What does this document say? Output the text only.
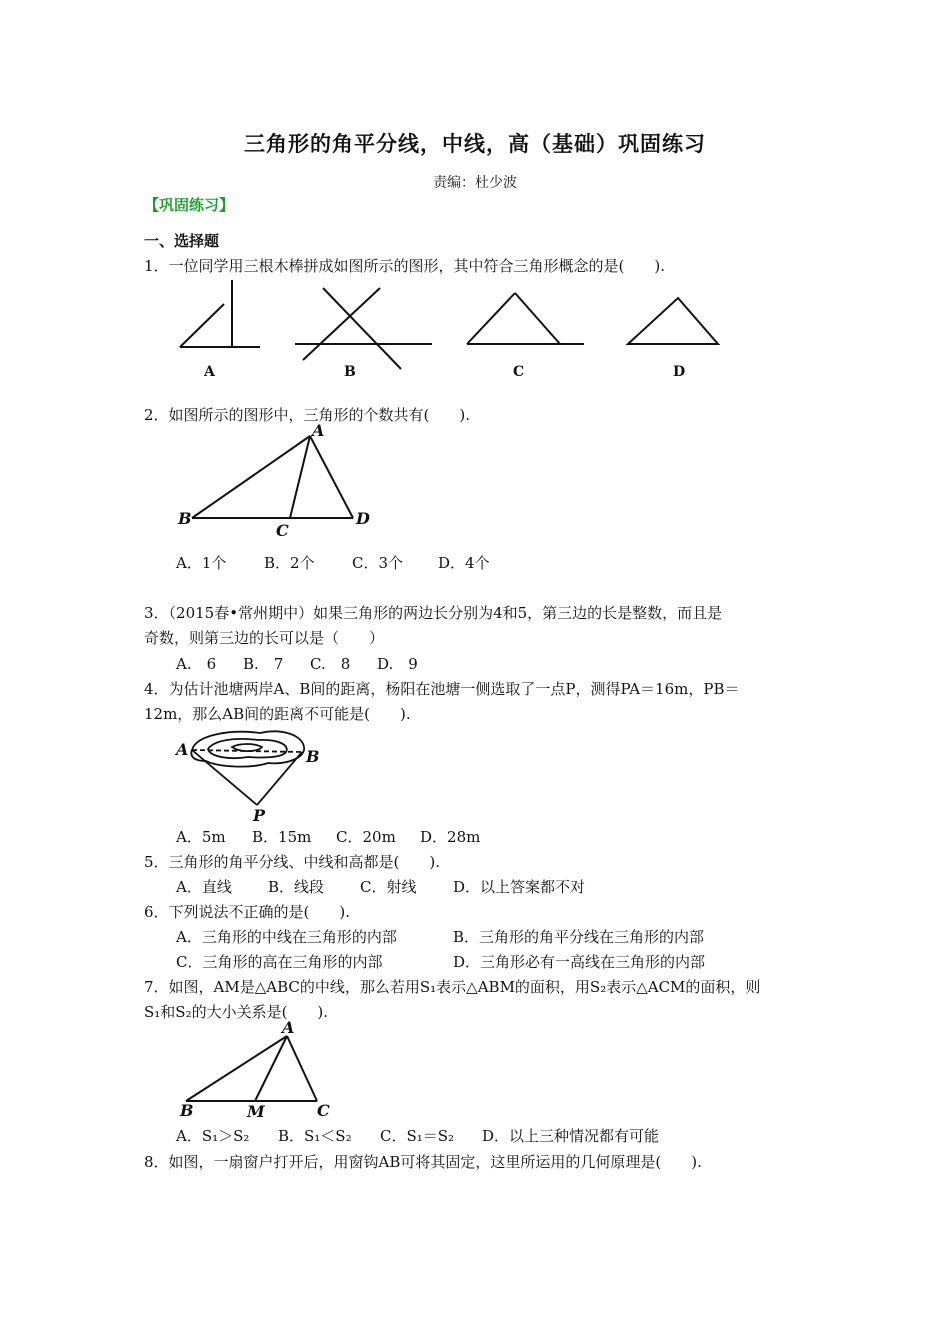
三角形的角平分线，中线，高（基础）巩固练习
责编：杜少波
【巩固练习】
一、选择题
1．一位同学用三根木棒拼成如图所示的图形，其中符合三角形概念的是(　　).
A	B	C	D
2．如图所示的图形中，三角形的个数共有(　　).
A
B
C
D
A．1个	B．2个 C．3个 D．4个
3．（2015春•常州期中）如果三角形的两边长分别为4和5，第三边的长是整数，而且是
奇数，则第三边的长可以是（　　）
A.　6 B.　7 C.　8 D.　9
4．为估计池塘两岸A、B间的距离，杨阳在池塘一侧选取了一点P，测得PA＝16m，PB＝
12m，那么AB间的距离不可能是(　　).
A	B
P
A．5m B．15m C．20m D．28m
5．三角形的角平分线、中线和高都是(　　).
A．直线 B．线段 C．射线 D．以上答案都不对
6．下列说法不正确的是(　　).
A．三角形的中线在三角形的内部	B．三角形的角平分线在三角形的内部
C．三角形的高在三角形的内部	D．三角形必有一高线在三角形的内部
7．如图，AM是△ABC的中线，那么若用S₁表示△ABM的面积，用S₂表示△ACM的面积，则
S₁和S₂的大小关系是(　　).
A
B	M	C
A．S₁＞S₂ B．S₁＜S₂ C．S₁＝S₂ D．以上三种情况都有可能
8．如图，一扇窗户打开后，用窗钩AB可将其固定，这里所运用的几何原理是(　　).
